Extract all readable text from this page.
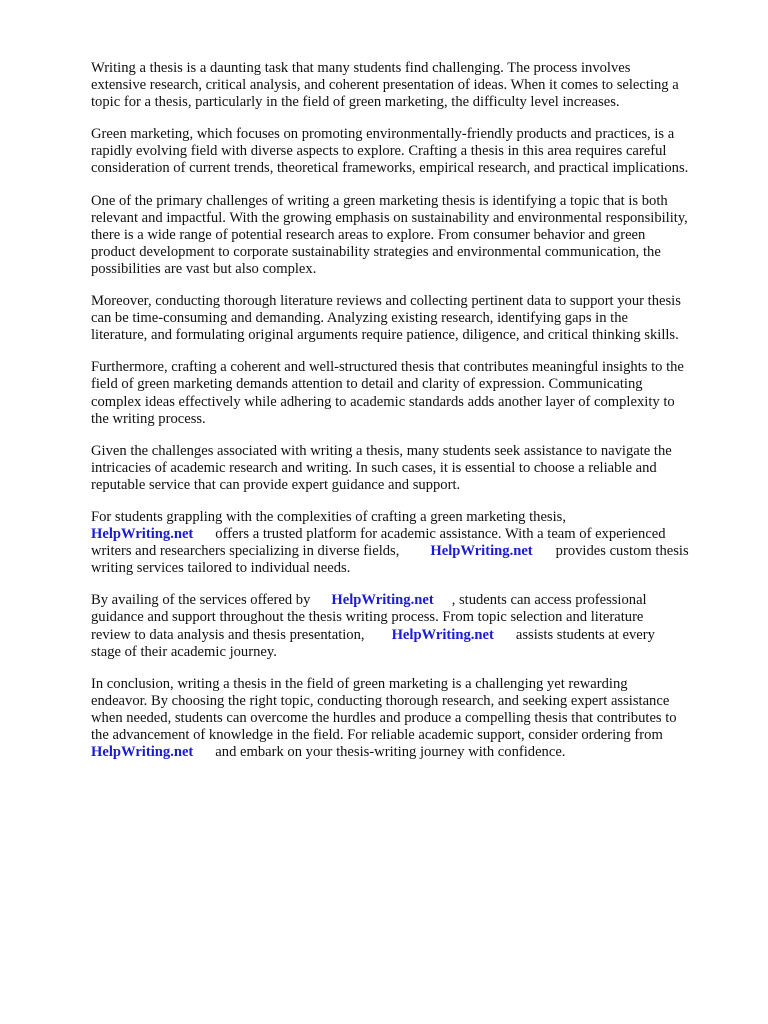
Writing a thesis is a daunting task that many students find challenging. The process involves
extensive research, critical analysis, and coherent presentation of ideas. When it comes to selecting a
topic for a thesis, particularly in the field of green marketing, the difficulty level increases.

Green marketing, which focuses on promoting environmentally-friendly products and practices, is a
rapidly evolving field with diverse aspects to explore. Crafting a thesis in this area requires careful
consideration of current trends, theoretical frameworks, empirical research, and practical implications.

One of the primary challenges of writing a green marketing thesis is identifying a topic that is both
relevant and impactful. With the growing emphasis on sustainability and environmental responsibility,
there is a wide range of potential research areas to explore. From consumer behavior and green
product development to corporate sustainability strategies and environmental communication, the
possibilities are vast but also complex.

Moreover, conducting thorough literature reviews and collecting pertinent data to support your thesis
can be time-consuming and demanding. Analyzing existing research, identifying gaps in the
literature, and formulating original arguments require patience, diligence, and critical thinking skills.

Furthermore, crafting a coherent and well-structured thesis that contributes meaningful insights to the
field of green marketing demands attention to detail and clarity of expression. Communicating
complex ideas effectively while adhering to academic standards adds another layer of complexity to
the writing process.

Given the challenges associated with writing a thesis, many students seek assistance to navigate the
intricacies of academic research and writing. In such cases, it is essential to choose a reliable and
reputable service that can provide expert guidance and support.

For students grappling with the complexities of crafting a green marketing thesis,
HelpWriting.net offers a trusted platform for academic assistance. With a team of experienced
writers and researchers specializing in diverse fields, HelpWriting.net provides custom thesis
writing services tailored to individual needs.

By availing of the services offered by HelpWriting.net , students can access professional
guidance and support throughout the thesis writing process. From topic selection and literature
review to data analysis and thesis presentation, HelpWriting.net assists students at every
stage of their academic journey.

In conclusion, writing a thesis in the field of green marketing is a challenging yet rewarding
endeavor. By choosing the right topic, conducting thorough research, and seeking expert assistance
when needed, students can overcome the hurdles and produce a compelling thesis that contributes to
the advancement of knowledge in the field. For reliable academic support, consider ordering from
HelpWriting.net and embark on your thesis-writing journey with confidence.
